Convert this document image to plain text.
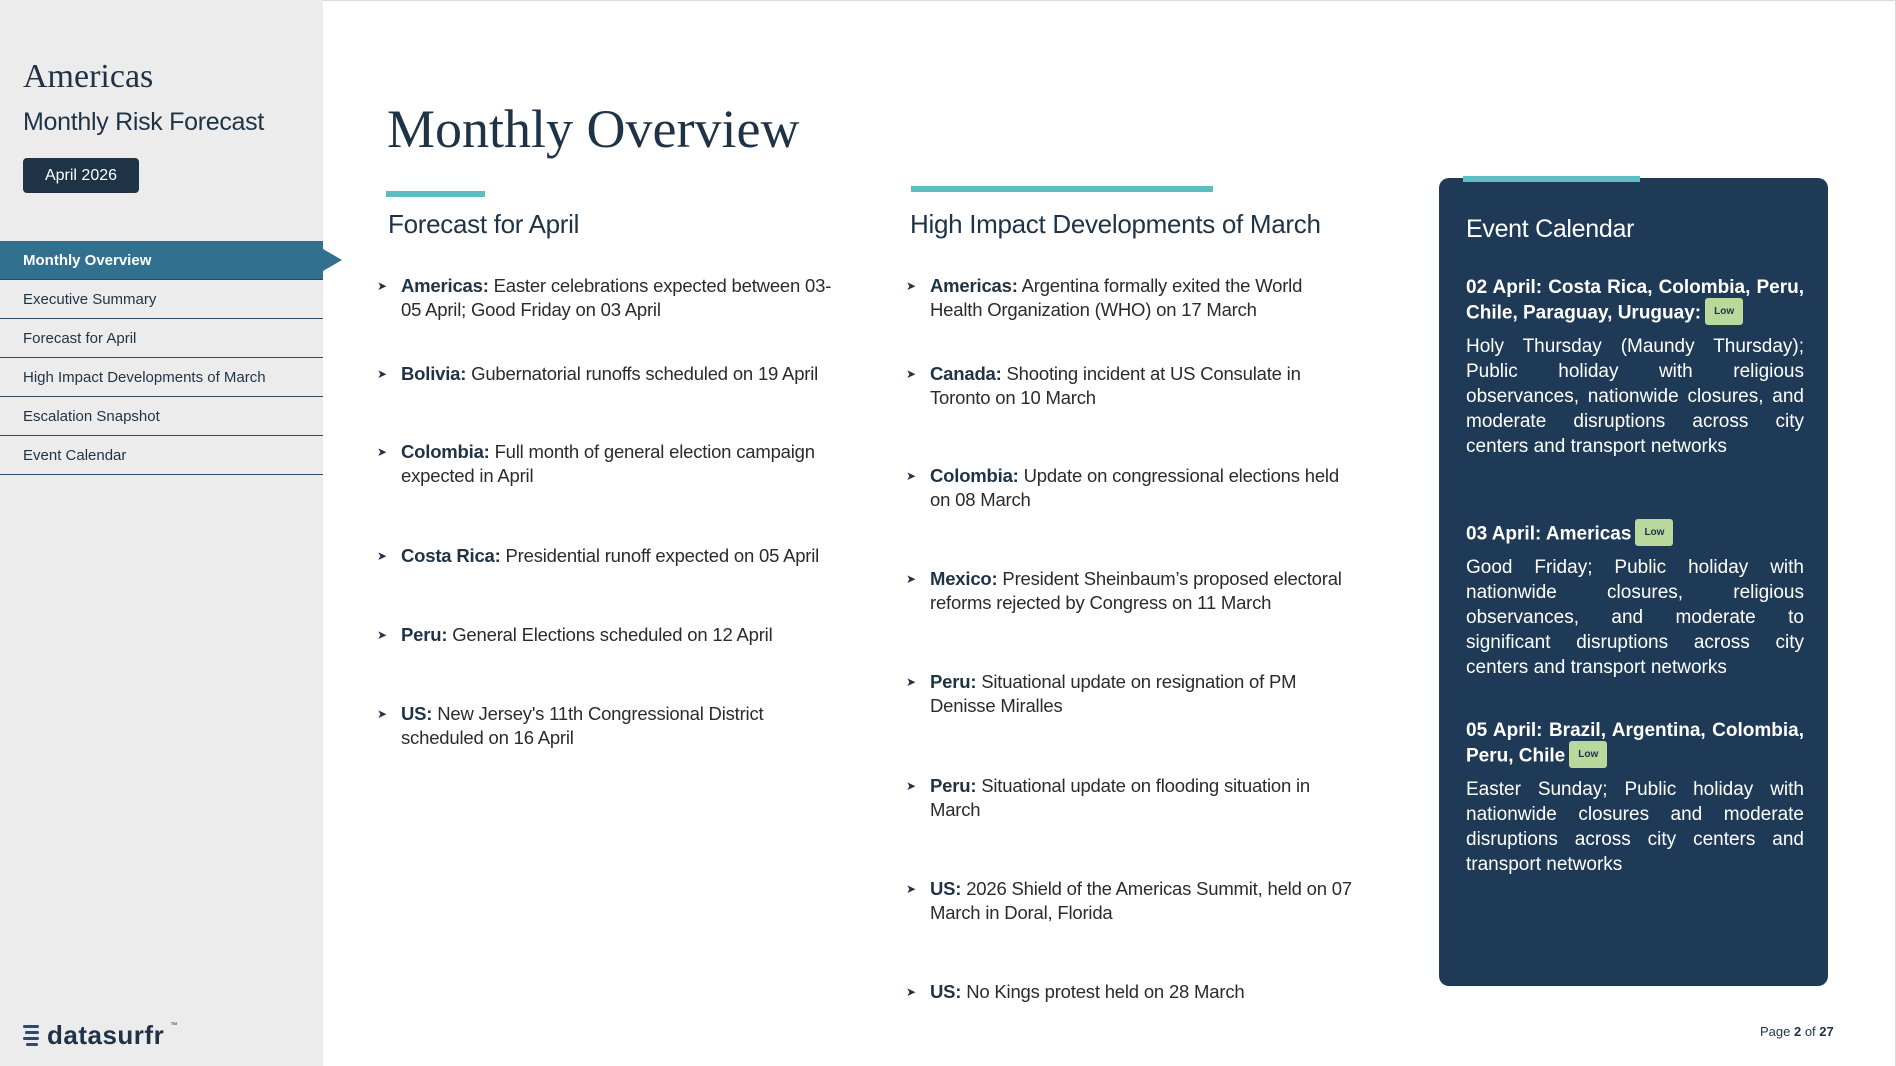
Americas
Monthly Risk Forecast
April 2026
Monthly Overview
Executive Summary
Forecast for April
High Impact Developments of March
Escalation Snapshot
Event Calendar
datasurfr ™
Monthly Overview
Forecast for April
➤ Americas: Easter celebrations expected between 03-05 April; Good Friday on 03 April
➤ Bolivia: Gubernatorial runoffs scheduled on 19 April
➤ Colombia: Full month of general election campaign expected in April
➤ Costa Rica: Presidential runoff expected on 05 April
➤ Peru: General Elections scheduled on 12 April
➤ US: New Jersey's 11th Congressional District scheduled on 16 April
High Impact Developments of March
➤ Americas: Argentina formally exited the World Health Organization (WHO) on 17 March
➤ Canada: Shooting incident at US Consulate in Toronto on 10 March
➤ Colombia: Update on congressional elections held on 08 March
➤ Mexico: President Sheinbaum’s proposed electoral reforms rejected by Congress on 11 March
➤ Peru: Situational update on resignation of PM Denisse Miralles
➤ Peru: Situational update on flooding situation in March
➤ US: 2026 Shield of the Americas Summit, held on 07 March in Doral, Florida
➤ US: No Kings protest held on 28 March
Event Calendar
02 April: Costa Rica, Colombia, Peru, Chile, Paraguay, Uruguay: Low
Holy Thursday (Maundy Thursday); Public holiday with religious observances, nationwide closures, and moderate disruptions across city centers and transport networks
03 April: Americas Low
Good Friday; Public holiday with nationwide closures, religious observances, and moderate to significant disruptions across city centers and transport networks
05 April: Brazil, Argentina, Colombia, Peru, Chile Low
Easter Sunday; Public holiday with nationwide closures and moderate disruptions across city centers and transport networks
Page 2 of 27
